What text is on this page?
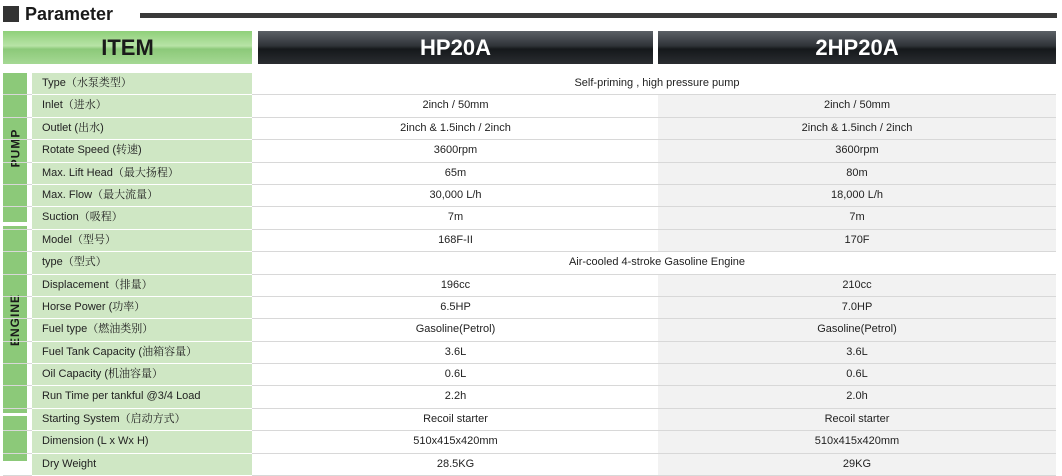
Parameter
ITEM	HP20A	2HP20A
PUMP
ENGINE
Type（水泵类型）	Self-priming , high pressure pump
Inlet（进水）	2inch / 50mm	2inch / 50mm
Outlet (出水)	2inch & 1.5inch / 2inch	2inch & 1.5inch / 2inch
Rotate Speed (转速)	3600rpm	3600rpm
Max. Lift Head（最大扬程）	65m	80m
Max. Flow（最大流量）	30,000 L/h	18,000 L/h
Suction（吸程）	7m	7m
Model（型号）	168F-II	170F
type（型式）	Air-cooled 4-stroke Gasoline Engine
Displacement（排量）	196cc	210cc
Horse Power (功率）	6.5HP	7.0HP
Fuel type（燃油类别）	Gasoline(Petrol)	Gasoline(Petrol)
Fuel Tank Capacity (油箱容量）	3.6L	3.6L
Oil Capacity (机油容量）	0.6L	0.6L
Run Time per tankful @3/4 Load	2.2h	2.0h
Starting System（启动方式）	Recoil starter	Recoil starter
Dimension (L x Wx H)	510x415x420mm	510x415x420mm
Dry Weight	28.5KG	29KG
